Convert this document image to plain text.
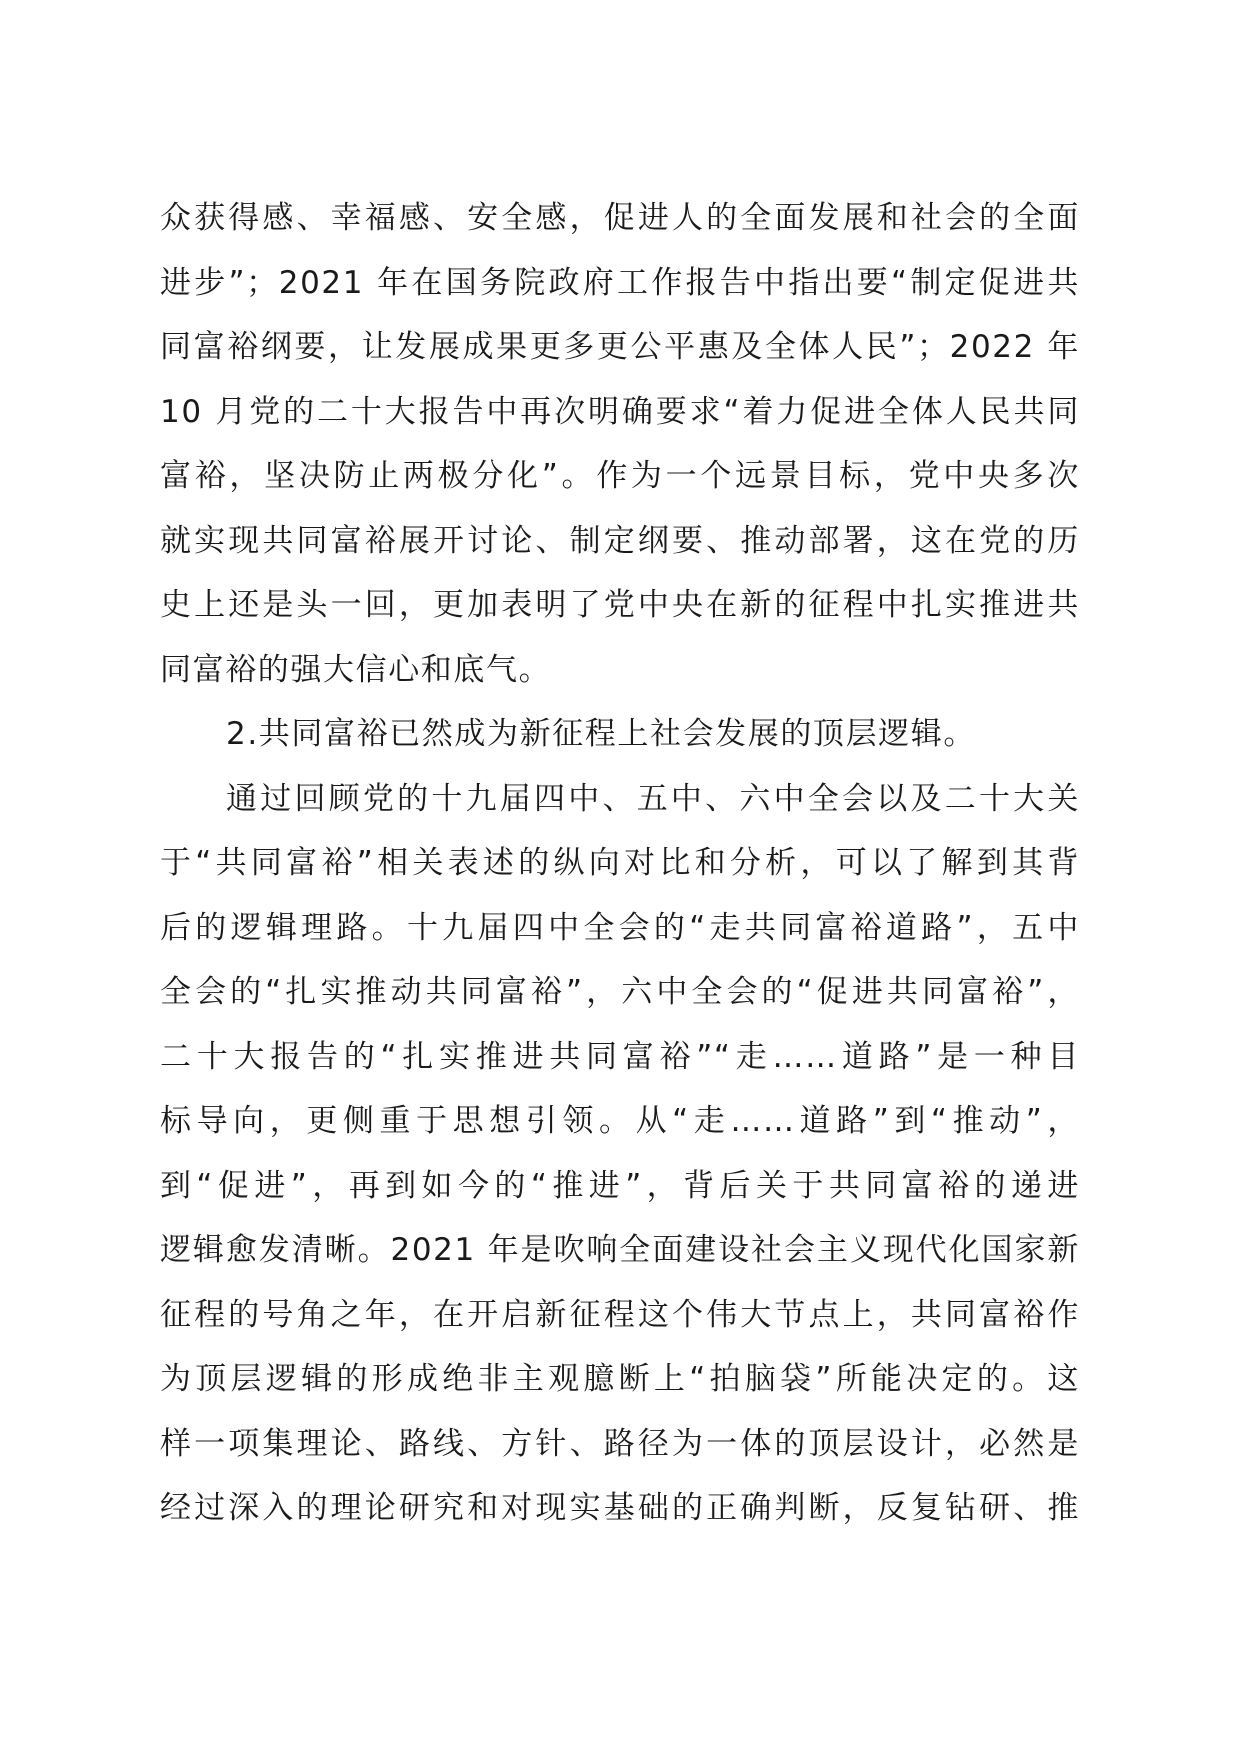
众获得感、幸福感、安全感，促进人的全面发展和社会的全面
进步”；2021 年在国务院政府工作报告中指出要“制定促进共
同富裕纲要，让发展成果更多更公平惠及全体人民”；2022 年
10 月党的二十大报告中再次明确要求“着力促进全体人民共同
富裕，坚决防止两极分化”。作为一个远景目标，党中央多次
就实现共同富裕展开讨论、制定纲要、推动部署，这在党的历
史上还是头一回，更加表明了党中央在新的征程中扎实推进共
同富裕的强大信心和底气。
2.共同富裕已然成为新征程上社会发展的顶层逻辑。
通过回顾党的十九届四中、五中、六中全会以及二十大关
于“共同富裕”相关表述的纵向对比和分析，可以了解到其背
后的逻辑理路。十九届四中全会的“走共同富裕道路”，五中
全会的“扎实推动共同富裕”，六中全会的“促进共同富裕”，
二十大报告的“扎实推进共同富裕”“走……道路”是一种目
标导向，更侧重于思想引领。从“走……道路”到“推动”，
到“促进”，再到如今的“推进”，背后关于共同富裕的递进
逻辑愈发清晰。2021 年是吹响全面建设社会主义现代化国家新
征程的号角之年，在开启新征程这个伟大节点上，共同富裕作
为顶层逻辑的形成绝非主观臆断上“拍脑袋”所能决定的。这
样一项集理论、路线、方针、路径为一体的顶层设计，必然是
经过深入的理论研究和对现实基础的正确判断，反复钻研、推
